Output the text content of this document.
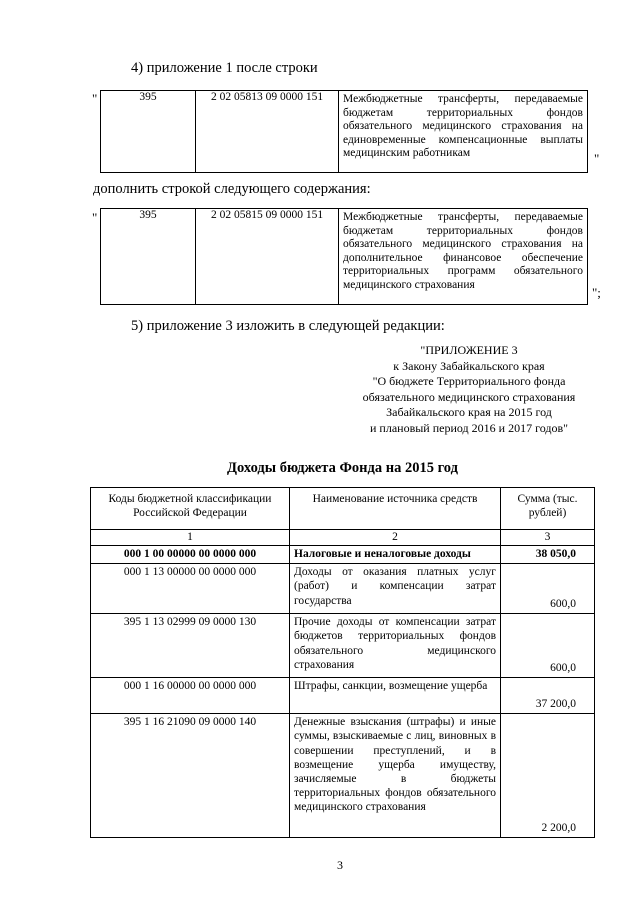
4) приложение 1 после строки
"	395	2 02 05813 09 0000 151	Межбюджетные трансферты, передаваемые бюджетам территориальных фондов обязательного медицинского страхования на единовременные компенсационные выплаты медицинским работникам	"
дополнить строкой следующего содержания:
"	395	2 02 05815 09 0000 151	Межбюджетные трансферты, передаваемые бюджетам территориальных фондов обязательного медицинского страхования на дополнительное финансовое обеспечение территориальных программ обязательного медицинского страхования
";
5) приложение 3 изложить в следующей редакции:
"ПРИЛОЖЕНИЕ 3
к Закону Забайкальского края
"О бюджете Территориального фонда
обязательного медицинского страхования
Забайкальского края на 2015 год
и плановый период 2016 и 2017 годов"
Доходы бюджета Фонда на 2015 год
Коды бюджетной классификации Российской Федерации	Наименование источника средств	Сумма (тыс. рублей)
1	2	3
000 1 00 00000 00 0000 000	Налоговые и неналоговые доходы	38 050,0
000 1 13 00000 00 0000 000	Доходы от оказания платных услуг (работ) и компенсации затрат государства	600,0
395 1 13 02999 09 0000 130	Прочие доходы от компенсации затрат бюджетов территориальных фондов обязательного медицинского страхования	600,0
000 1 16 00000 00 0000 000	Штрафы, санкции, возмещение ущерба	37 200,0
395 1 16 21090 09 0000 140	Денежные взыскания (штрафы) и иные суммы, взыскиваемые с лиц, виновных в совершении преступлений, и в возмещение ущерба имуществу, зачисляемые в бюджеты территориальных фондов обязательного медицинского страхования	2 200,0
3
